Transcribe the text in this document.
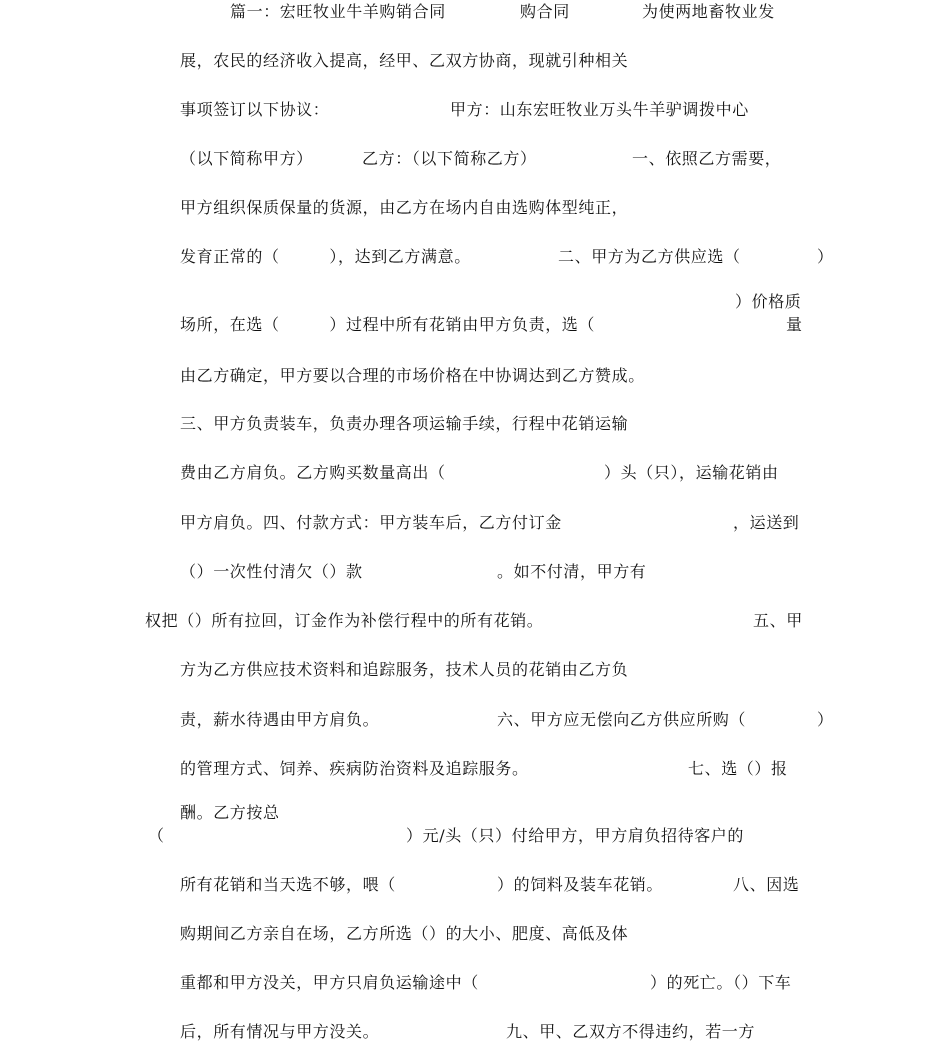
篇一：宏旺牧业牛羊购销合同	购合同	为使两地畜牧业发
展，农民的经济收入提高，经甲、乙双方协商，现就引种相关
事项签订以下协议：	甲方：山东宏旺牧业万头牛羊驴调拨中心
（以下简称甲方）	乙方：（以下简称乙方）	一、依照乙方需要，
甲方组织保质保量的货源，由乙方在场内自由选购体型纯正，
发育正常的（　　　），达到乙方满意。	二、甲方为乙方供应选（	）
）价格质
场所，在选（　　　）过程中所有花销由甲方负责，选（	量
由乙方确定，甲方要以合理的市场价格在中协调达到乙方赞成。
三、甲方负责装车，负责办理各项运输手续，行程中花销运输
费由乙方肩负。乙方购买数量高出（	）头（只），运输花销由
甲方肩负。四、付款方式：甲方装车后，乙方付订金	，运送到
（）一次性付清欠（）款	。如不付清，甲方有
权把（）所有拉回，订金作为补偿行程中的所有花销。	五、甲
方为乙方供应技术资料和追踪服务，技术人员的花销由乙方负
责，薪水待遇由甲方肩负。	六、甲方应无偿向乙方供应所购（	）
的管理方式、饲养、疾病防治资料及追踪服务。	七、选（）报
酬。乙方按总
（	）元/头（只）付给甲方，甲方肩负招待客户的
所有花销和当天选不够，喂（	）的饲料及装车花销。	八、因选
购期间乙方亲自在场，乙方所选（）的大小、肥度、高低及体
重都和甲方没关，甲方只肩负运输途中（	）的死亡。（）下车
后，所有情况与甲方没关。	九、甲、乙双方不得违约，若一方
